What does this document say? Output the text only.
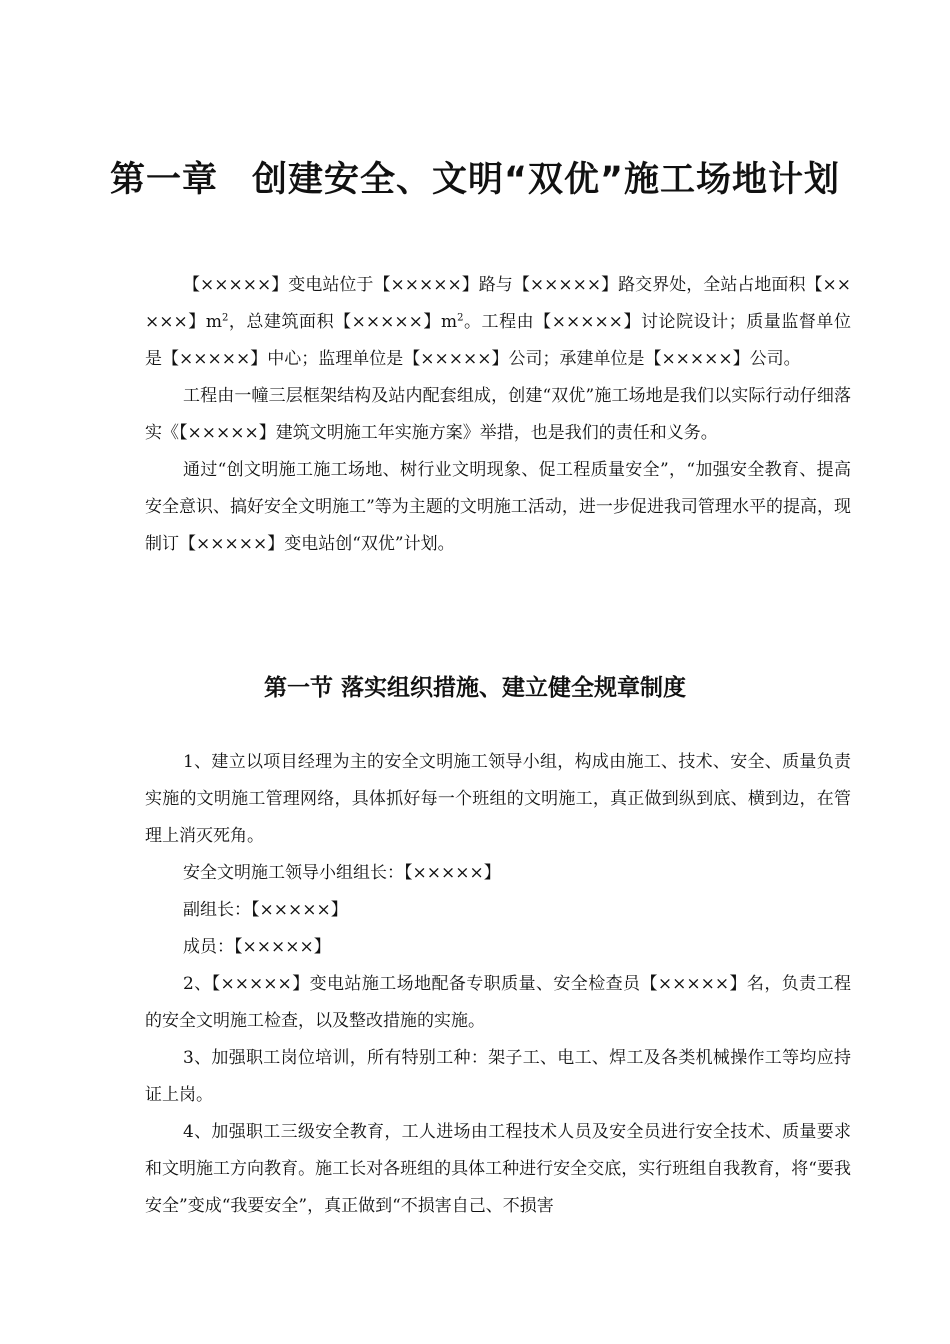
第一章 创建安全、文明“双优”施工场地计划

【×××××】变电站位于【×××××】路与【×××××】路交界处，全站占地面积【×××××】$m^2$，总建筑面积【×××××】$m^2$。工程由【×××××】讨论院设计；质量监督单位是【×××××】中心；监理单位是【×××××】公司；承建单位是【×××××】公司。

工程由一幢三层框架结构及站内配套组成，创建“双优”施工场地是我们以实际行动仔细落实《【×××××】建筑文明施工年实施方案》举措，也是我们的责任和义务。

通过“创文明施工施工场地、树行业文明现象、促工程质量安全”，“加强安全教育、提高安全意识、搞好安全文明施工”等为主题的文明施工活动，进一步促进我司管理水平的提高，现制订【×××××】变电站创“双优”计划。

第一节 落实组织措施、建立健全规章制度

1、建立以项目经理为主的安全文明施工领导小组，构成由施工、技术、安全、质量负责实施的文明施工管理网络，具体抓好每一个班组的文明施工，真正做到纵到底、横到边，在管理上消灭死角。

安全文明施工领导小组组长：【×××××】

副组长：【×××××】

成员：【×××××】

2、【×××××】变电站施工场地配备专职质量、安全检查员【×××××】名，负责工程的安全文明施工检查，以及整改措施的实施。

3、加强职工岗位培训，所有特别工种：架子工、电工、焊工及各类机械操作工等均应持证上岗。

4、加强职工三级安全教育，工人进场由工程技术人员及安全员进行安全技术、质量要求和文明施工方向教育。施工长对各班组的具体工种进行安全交底，实行班组自我教育，将“要我安全”变成“我要安全”，真正做到“不损害自己、不损害
